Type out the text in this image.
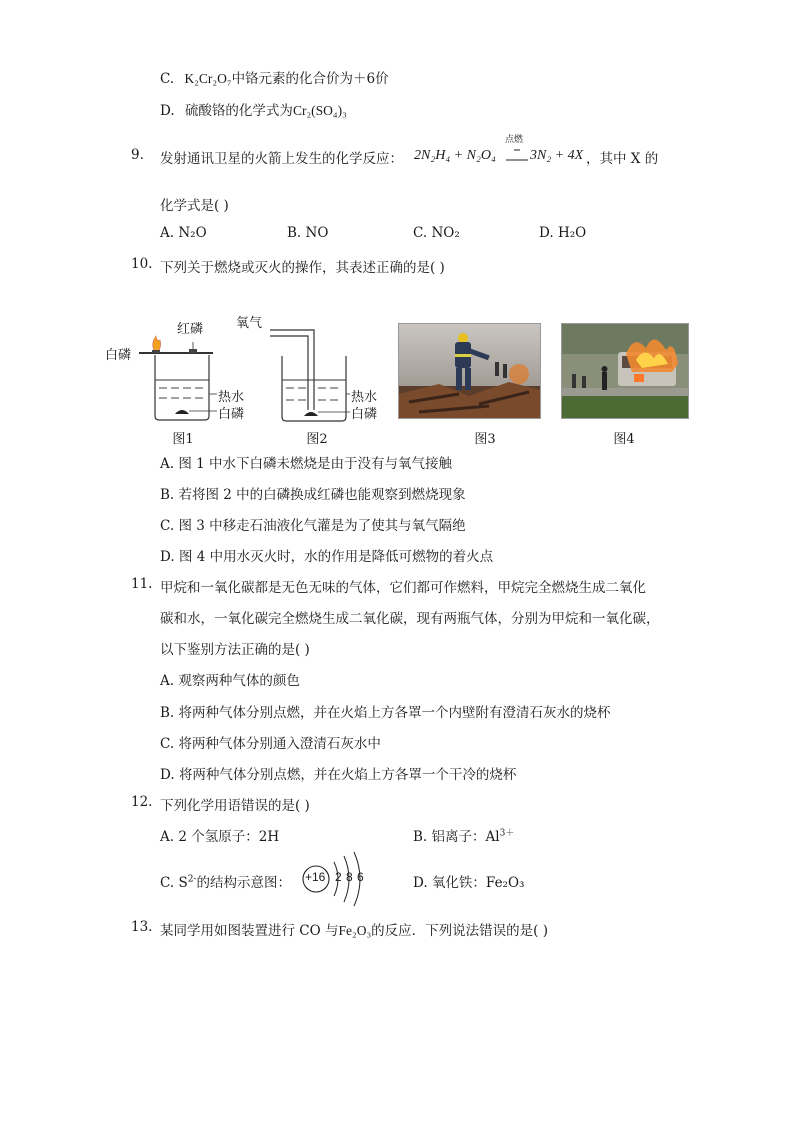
C. K₂Cr₂O₇中铬元素的化合价为＋6价
D. 硫酸铬的化学式为Cr₂(SO₄)₃
9. 发射通讯卫星的火箭上发生的化学反应： 2N₂H₄ + N₂O₄
点燃
3N₂ + 4X ，其中 X 的
化学式是( )
A. N₂O	B. NO	C. NO₂	D. H₂O
10. 下列关于燃烧或灭火的操作，其表述正确的是( )
红磷
白磷
热水
白磷
氧气
热水
白磷
图1	图2	图3	图4
A. 图 1 中水下白磷未燃烧是由于没有与氧气接触
B. 若将图 2 中的白磷换成红磷也能观察到燃烧现象
C. 图 3 中移走石油液化气灌是为了使其与氧气隔绝
D. 图 4 中用水灭火时，水的作用是降低可燃物的着火点
11. 甲烷和一氧化碳都是无色无味的气体，它们都可作燃料，甲烷完全燃烧生成二氧化
碳和水，一氧化碳完全燃烧生成二氧化碳，现有两瓶气体，分别为甲烷和一氧化碳，
以下鉴别方法正确的是( )
A. 观察两种气体的颜色
B. 将两种气体分别点燃，并在火焰上方各罩一个内壁附有澄清石灰水的烧杯
C. 将两种气体分别通入澄清石灰水中
D. 将两种气体分别点燃，并在火焰上方各罩一个干冷的烧杯
12. 下列化学用语错误的是( )
A. 2 个氢原子：2H	B. 铝离子：$Al^{3+}$
C. $S^{2-}$的结构示意图： +16 2 8 6	D. 氧化铁：Fe₂O₃
13. 某同学用如图装置进行 CO 与Fe₂O₃的反应．下列说法错误的是( )
